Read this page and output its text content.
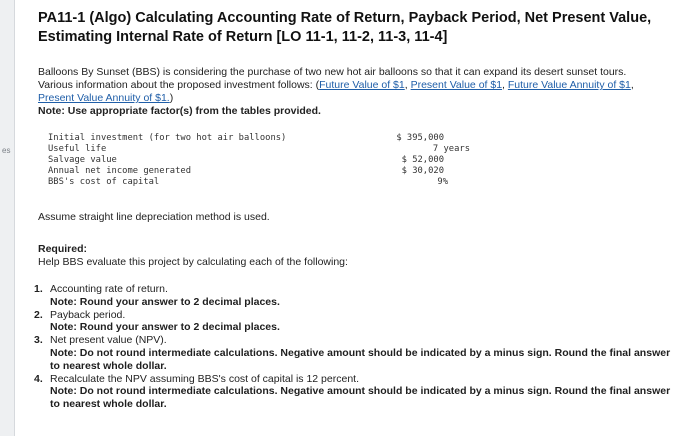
es
PA11-1 (Algo) Calculating Accounting Rate of Return, Payback Period, Net Present Value, Estimating Internal Rate of Return [LO 11-1, 11-2, 11-3, 11-4]
Balloons By Sunset (BBS) is considering the purchase of two new hot air balloons so that it can expand its desert sunset tours. Various information about the proposed investment follows: (Future Value of $1, Present Value of $1, Future Value Annuity of $1, Present Value Annuity of $1.)
Note: Use appropriate factor(s) from the tables provided.
Initial investment (for two hot air balloons)	$ 395,000
Useful life	7 years
Salvage value	$ 52,000
Annual net income generated	$ 30,020
BBS's cost of capital	9%
Assume straight line depreciation method is used.
Required:
Help BBS evaluate this project by calculating each of the following:
1. Accounting rate of return.
Note: Round your answer to 2 decimal places.
2. Payback period.
Note: Round your answer to 2 decimal places.
3. Net present value (NPV).
Note: Do not round intermediate calculations. Negative amount should be indicated by a minus sign. Round the final answer to nearest whole dollar.
4. Recalculate the NPV assuming BBS's cost of capital is 12 percent.
Note: Do not round intermediate calculations. Negative amount should be indicated by a minus sign. Round the final answer to nearest whole dollar.
